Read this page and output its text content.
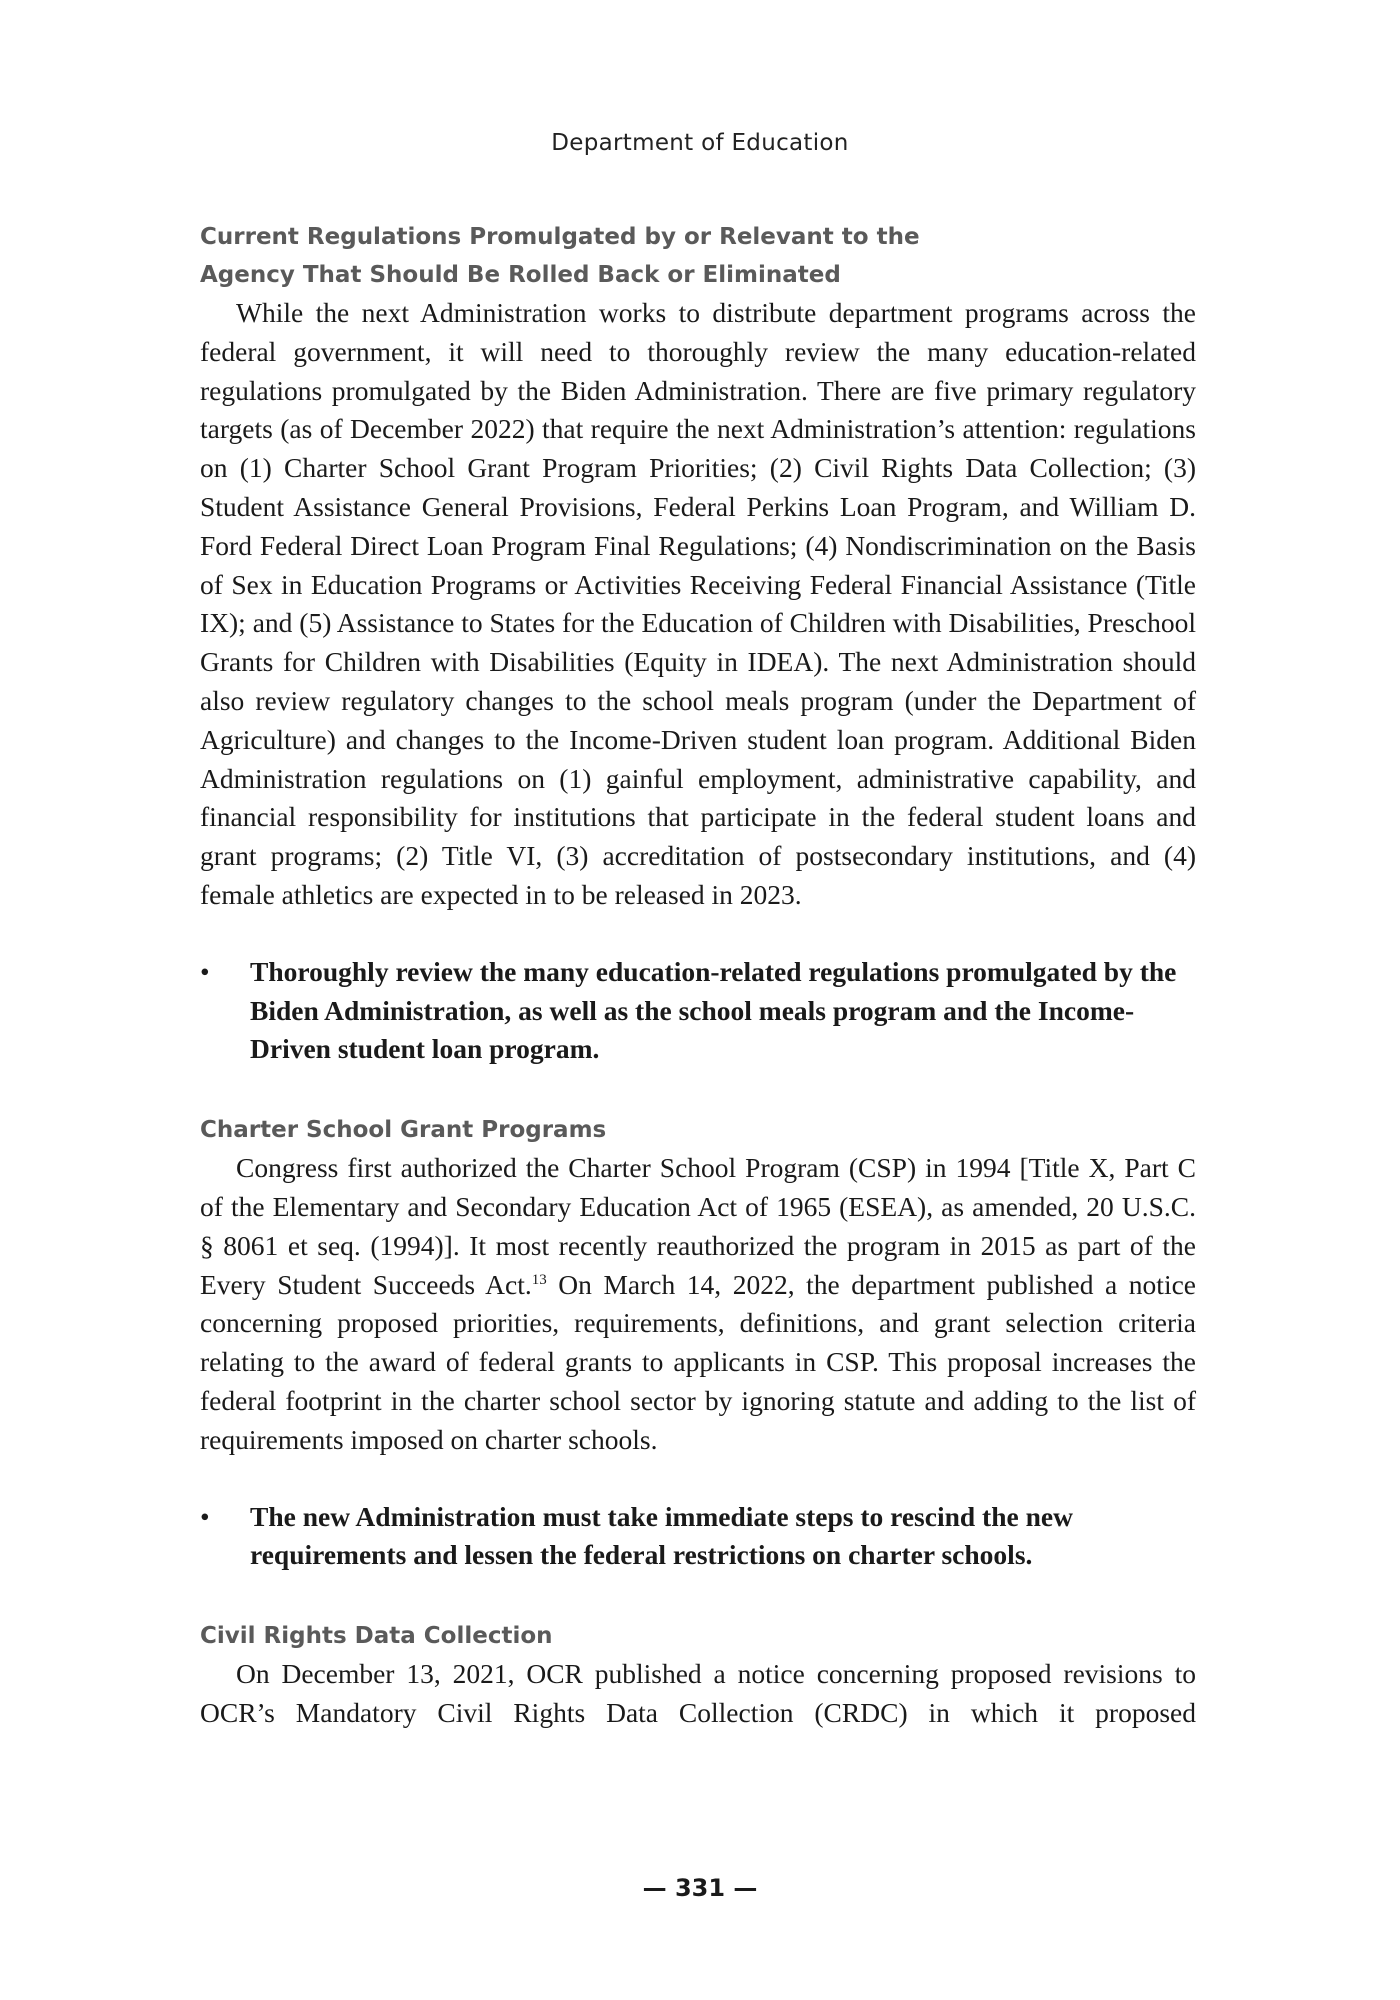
Department of Education
Current Regulations Promulgated by or Relevant to the Agency That Should Be Rolled Back or Eliminated

While the next Administration works to distribute department programs across the federal government, it will need to thoroughly review the many education-related regulations promulgated by the Biden Administration. There are five primary regulatory targets (as of December 2022) that require the next Administration’s attention: regulations on (1) Charter School Grant Program Priorities; (2) Civil Rights Data Collection; (3) Student Assistance General Provisions, Federal Perkins Loan Program, and William D. Ford Federal Direct Loan Program Final Regulations; (4) Nondiscrimination on the Basis of Sex in Education Programs or Activities Receiving Federal Financial Assistance (Title IX); and (5) Assistance to States for the Education of Children with Disabilities, Preschool Grants for Children with Disabilities (Equity in IDEA). The next Administration should also review regulatory changes to the school meals program (under the Department of Agriculture) and changes to the Income-Driven student loan program. Additional Biden Administration regulations on (1) gainful employment, administrative capability, and financial responsibility for institutions that participate in the federal student loans and grant programs; (2) Title VI, (3) accreditation of postsecondary institutions, and (4) female athletics are expected in to be released in 2023.

• Thoroughly review the many education-related regulations promulgated by the Biden Administration, as well as the school meals program and the Income-Driven student loan program.

Charter School Grant Programs

Congress first authorized the Charter School Program (CSP) in 1994 [Title X, Part C of the Elementary and Secondary Education Act of 1965 (ESEA), as amended, 20 U.S.C. § 8061 et seq. (1994)]. It most recently reauthorized the program in 2015 as part of the Every Student Succeeds Act.$^{13}$ On March 14, 2022, the department published a notice concerning proposed priorities, requirements, definitions, and grant selection criteria relating to the award of federal grants to applicants in CSP. This proposal increases the federal footprint in the charter school sector by ignoring statute and adding to the list of requirements imposed on charter schools.

• The new Administration must take immediate steps to rescind the new requirements and lessen the federal restrictions on charter schools.

Civil Rights Data Collection

On December 13, 2021, OCR published a notice concerning proposed revisions to OCR’s Mandatory Civil Rights Data Collection (CRDC) in which it proposed

— 331 —
